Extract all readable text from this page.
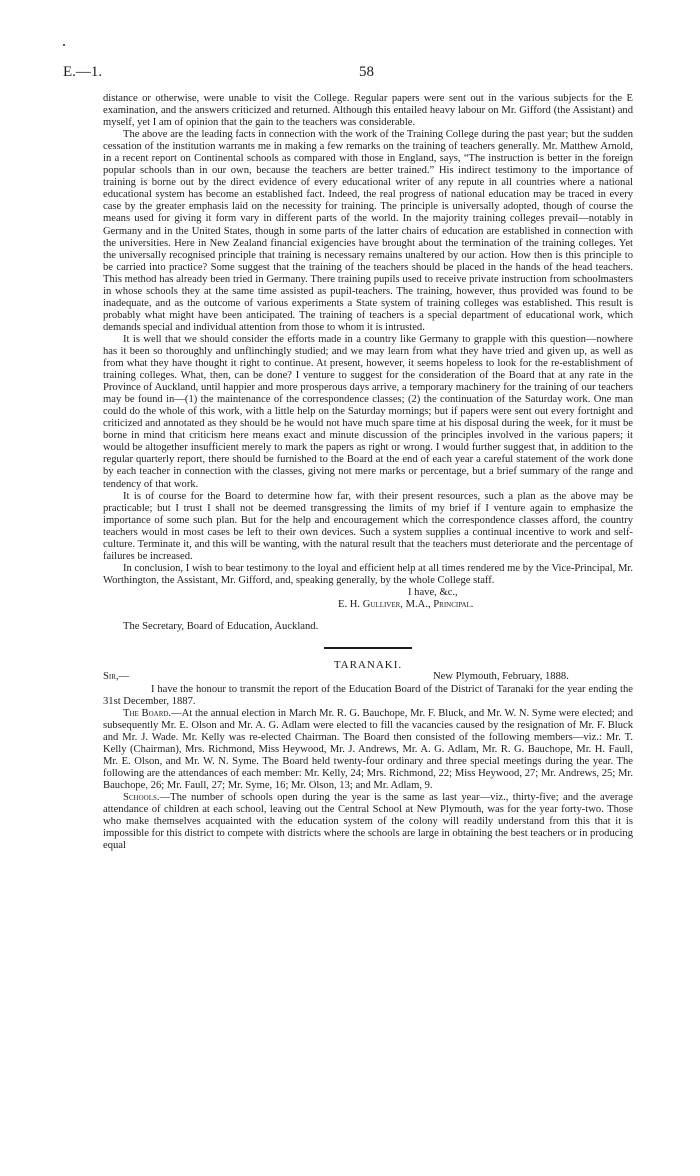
E.—1.	58

distance or otherwise, were unable to visit the College. Regular papers were sent out in the various subjects for the E examination, and the answers criticized and returned. Although this entailed heavy labour on Mr. Gifford (the Assistant) and myself, yet I am of opinion that the gain to the teachers was considerable.

The above are the leading facts in connection with the work of the Training College during the past year; but the sudden cessation of the institution warrants me in making a few remarks on the training of teachers generally. Mr. Matthew Arnold, in a recent report on Continental schools as compared with those in England, says, “The instruction is better in the foreign popular schools than in our own, because the teachers are better trained.” His indirect testimony to the importance of training is borne out by the direct evidence of every educational writer of any repute in all countries where a national educational system has become an established fact. Indeed, the real progress of national education may be traced in every case by the greater emphasis laid on the necessity for training. The principle is universally adopted, though of course the means used for giving it form vary in different parts of the world. In the majority training colleges prevail—notably in Germany and in the United States, though in some parts of the latter chairs of education are established in connection with the universities. Here in New Zealand financial exigencies have brought about the termination of the training colleges. Yet the universally recognised principle that training is necessary remains unaltered by our action. How then is this principle to be carried into practice? Some suggest that the training of the teachers should be placed in the hands of the head teachers. This method has already been tried in Germany. There training pupils used to receive private instruction from schoolmasters in whose schools they at the same time assisted as pupil-teachers. The training, however, thus provided was found to be inadequate, and as the outcome of various experiments a State system of training colleges was established. This result is probably what might have been anticipated. The training of teachers is a special department of educational work, which demands special and individual attention from those to whom it is intrusted.

It is well that we should consider the efforts made in a country like Germany to grapple with this question—nowhere has it been so thoroughly and unflinchingly studied; and we may learn from what they have tried and given up, as well as from what they have thought it right to continue. At present, however, it seems hopeless to look for the re-establishment of training colleges. What, then, can be done? I venture to suggest for the consideration of the Board that at any rate in the Province of Auckland, until happier and more prosperous days arrive, a temporary machinery for the training of our teachers may be found in—(1) the maintenance of the correspondence classes; (2) the continuation of the Saturday work. One man could do the whole of this work, with a little help on the Saturday mornings; but if papers were sent out every fortnight and criticized and annotated as they should be he would not have much spare time at his disposal during the week, for it must be borne in mind that criticism here means exact and minute discussion of the principles involved in the various papers; it would be altogether insufficient merely to mark the papers as right or wrong. I would further suggest that, in addition to the regular quarterly report, there should be furnished to the Board at the end of each year a careful statement of the work done by each teacher in connection with the classes, giving not mere marks or percentage, but a brief summary of the range and tendency of that work.

It is of course for the Board to determine how far, with their present resources, such a plan as the above may be practicable; but I trust I shall not be deemed transgressing the limits of my brief if I venture again to emphasize the importance of some such plan. But for the help and encouragement which the correspondence classes afford, the country teachers would in most cases be left to their own devices. Such a system supplies a continual incentive to work and self-culture. Terminate it, and this will be wanting, with the natural result that the teachers must deteriorate and the percentage of failures be increased.

In conclusion, I wish to bear testimony to the loyal and efficient help at all times rendered me by the Vice-Principal, Mr. Worthington, the Assistant, Mr. Gifford, and, speaking generally, by the whole College staff.

I have, &c.,

E. H. Gulliver, M.A., Principal.

The Secretary, Board of Education, Auckland.

TARANAKI.

Sir,—	New Plymouth, February, 1888.

I have the honour to transmit the report of the Education Board of the District of Taranaki for the year ending the 31st December, 1887.

The Board.—At the annual election in March Mr. R. G. Bauchope, Mr. F. Bluck, and Mr. W. N. Syme were elected; and subsequently Mr. E. Olson and Mr. A. G. Adlam were elected to fill the vacancies caused by the resignation of Mr. F. Bluck and Mr. J. Wade. Mr. Kelly was re-elected Chairman. The Board then consisted of the following members—viz.: Mr. T. Kelly (Chairman), Mrs. Richmond, Miss Heywood, Mr. J. Andrews, Mr. A. G. Adlam, Mr. R. G. Bauchope, Mr. H. Faull, Mr. E. Olson, and Mr. W. N. Syme. The Board held twenty-four ordinary and three special meetings during the year. The following are the attendances of each member: Mr. Kelly, 24; Mrs. Richmond, 22; Miss Heywood, 27; Mr. Andrews, 25; Mr. Bauchope, 26; Mr. Faull, 27; Mr. Syme, 16; Mr. Olson, 13; and Mr. Adlam, 9.

Schools.—The number of schools open during the year is the same as last year—viz., thirty-five; and the average attendance of children at each school, leaving out the Central School at New Plymouth, was for the year forty-two. Those who make themselves acquainted with the education system of the colony will readily understand from this that it is impossible for this district to compete with districts where the schools are large in obtaining the best teachers or in producing equal
